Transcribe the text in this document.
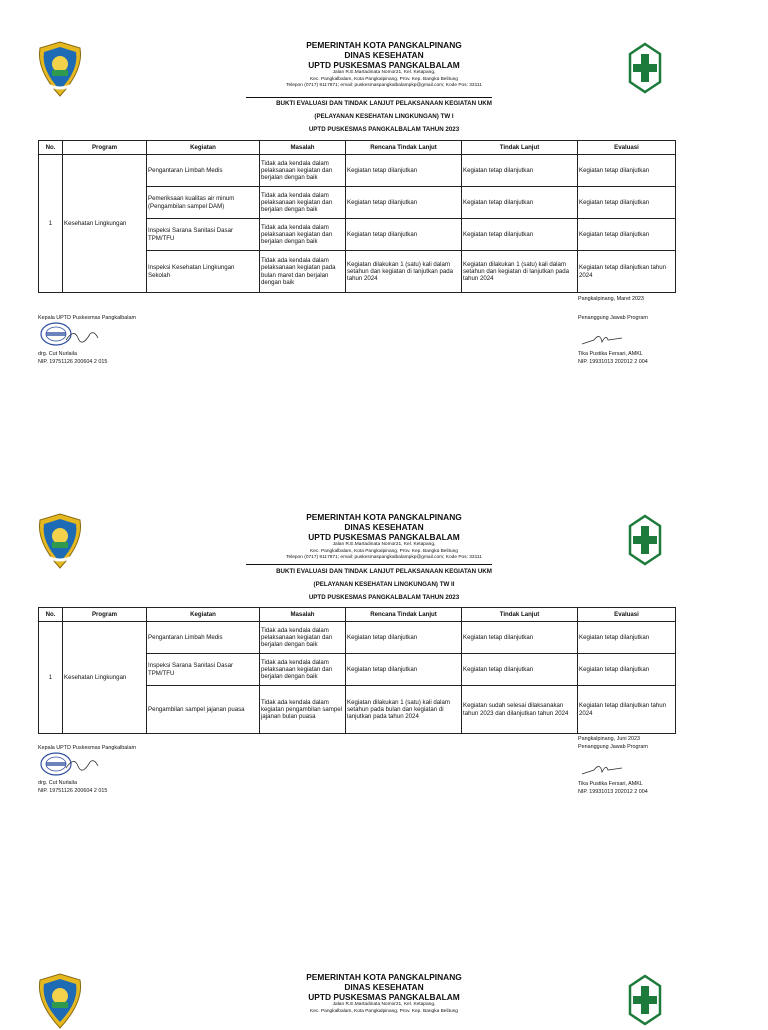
PEMERINTAH KOTA PANGKALPINANG
DINAS KESEHATAN
UPTD PUSKESMAS PANGKALBALAM
Jalan R.E.Martadinata Nomor21, Kel. Ketapang,
Kec. Pangkalbalam, Kota Pangkalpinang, Prov. Kep. Bangka Belitung
Telepon (0717) 9117871; email: puskesmaspangkalbalampkp@gmail.com; Kode Pos: 33111
BUKTI EVALUASI DAN TINDAK LANJUT PELAKSANAAN KEGIATAN UKM
(PELAYANAN KESEHATAN LINGKUNGAN) TW I
UPTD PUSKESMAS PANGKALBALAM TAHUN 2023
No.	Program	Kegiatan	Masalah	Rencana Tindak Lanjut	Tindak Lanjut	Evaluasi
1	Kesehatan Lingkungan	Pengantaran Limbah Medis	Tidak ada kendala dalam pelaksanaan kegiatan dan berjalan dengan baik	Kegiatan tetap dilanjutkan	Kegiatan tetap dilanjutkan	Kegiatan tetap dilanjutkan
		Pemeriksaan kualitas air minum (Pengambilan sampel DAM)	Tidak ada kendala dalam pelaksanaan kegiatan dan berjalan dengan baik	Kegiatan tetap dilanjutkan	Kegiatan tetap dilanjutkan	Kegiatan tetap dilanjutkan
		Inspeksi Sarana Sanitasi Dasar TPM/TFU	Tidak ada kendala dalam pelaksanaan kegiatan dan berjalan dengan baik	Kegiatan tetap dilanjutkan	Kegiatan tetap dilanjutkan	Kegiatan tetap dilanjutkan
		Inspeksi Kesehatan Lingkungan Sekolah	Tidak ada kendala dalam pelaksanaan kegiatan pada bulan maret dan berjalan dengan baik	Kegiatan dilakukan 1 (satu) kali dalam setahun dan kegiatan di lanjutkan pada tahun 2024	Kegiatan dilakukan 1 (satu) kali dalam setahun dan kegiatan di lanjutkan pada tahun 2024	Kegiatan tetap dilanjutkan tahun 2024
Pangkalpinang, Maret 2023
Kepala UPTD Puskesmas Pangkalbalam
drg. Cut Nurlaila
NIP. 19751126 200604 2 015
Penanggung Jawab Program
Tika Pustika Fersari, AMKL
NIP. 19931013 202012 2 004
PEMERINTAH KOTA PANGKALPINANG
DINAS KESEHATAN
UPTD PUSKESMAS PANGKALBALAM
Jalan R.E.Martadinata Nomor21, Kel. Ketapang,
Kec. Pangkalbalam, Kota Pangkalpinang, Prov. Kep. Bangka Belitung
Telepon (0717) 9117871; email: puskesmaspangkalbalampkp@gmail.com; Kode Pos: 33111
BUKTI EVALUASI DAN TINDAK LANJUT PELAKSANAAN KEGIATAN UKM
(PELAYANAN KESEHATAN LINGKUNGAN) TW II
UPTD PUSKESMAS PANGKALBALAM TAHUN 2023
No.	Program	Kegiatan	Masalah	Rencana Tindak Lanjut	Tindak Lanjut	Evaluasi
1	Kesehatan Lingkungan	Pengantaran Limbah Medis	Tidak ada kendala dalam pelaksanaan kegiatan dan berjalan dengan baik	Kegiatan tetap dilanjutkan	Kegiatan tetap dilanjutkan	Kegiatan tetap dilanjutkan
		Inspeksi Sarana Sanitasi Dasar TPM/TFU	Tidak ada kendala dalam pelaksanaan kegiatan dan berjalan dengan baik	Kegiatan tetap dilanjutkan	Kegiatan tetap dilanjutkan	Kegiatan tetap dilanjutkan
		Pengambilan sampel jajanan puasa	Tidak ada kendala dalam kegiatan pengambilan sampel jajanan bulan puasa	Kegiatan dilakukan 1 (satu) kali dalam setahun pada bulan dan kegiatan di lanjutkan pada tahun 2024	Kegiatan sudah selesai dilaksanakan tahun 2023 dan dilanjutkan tahun 2024	Kegiatan tetap dilanjutkan tahun 2024
Pangkalpinang, Juni 2023
Kepala UPTD Puskesmas Pangkalbalam
drg. Cut Nurlaila
NIP. 19751126 200604 2 015
Penanggung Jawab Program
Tika Pustika Fersari, AMKL
NIP. 19931013 202012 2 004
PEMERINTAH KOTA PANGKALPINANG
DINAS KESEHATAN
UPTD PUSKESMAS PANGKALBALAM
Jalan R.E.Martadinata Nomor21, Kel. Ketapang,
Kec. Pangkalbalam, Kota Pangkalpinang, Prov. Kep. Bangka Belitung
